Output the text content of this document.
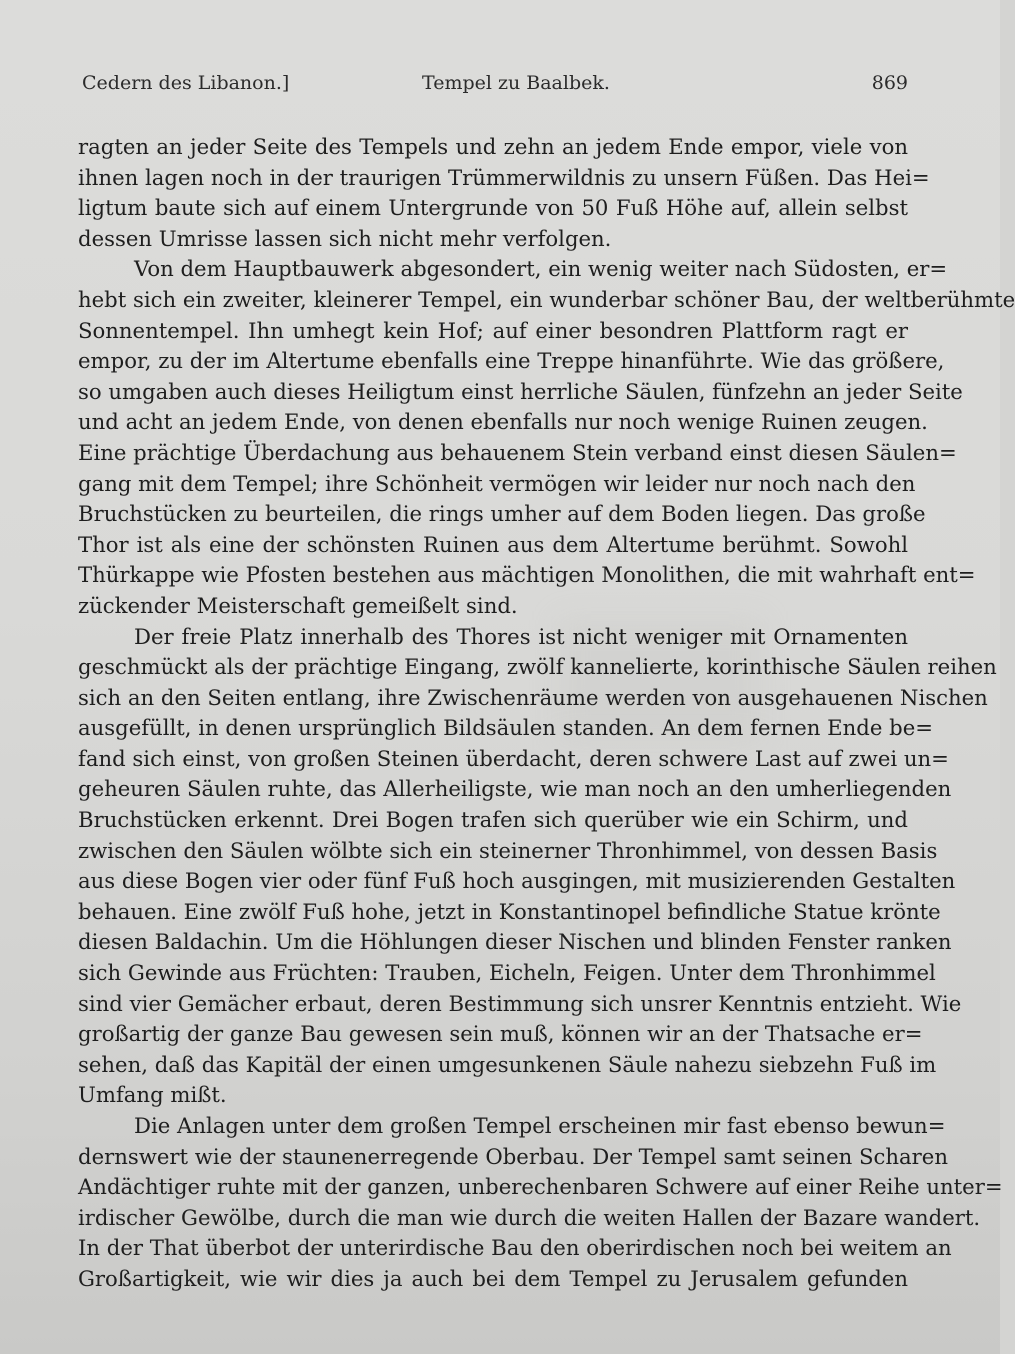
Cedern des Libanon.]	Tempel zu Baalbek.	869
ragten an jeder Seite des Tempels und zehn an jedem Ende empor, viele von
ihnen lagen noch in der traurigen Trümmerwildnis zu unsern Füßen. Das Hei=
ligtum baute sich auf einem Untergrunde von 50 Fuß Höhe auf, allein selbst
dessen Umrisse lassen sich nicht mehr verfolgen.
Von dem Hauptbauwerk abgesondert, ein wenig weiter nach Südosten, er=
hebt sich ein zweiter, kleinerer Tempel, ein wunderbar schöner Bau, der weltberühmte
Sonnentempel. Ihn umhegt kein Hof; auf einer besondren Plattform ragt er
empor, zu der im Altertume ebenfalls eine Treppe hinanführte. Wie das größere,
so umgaben auch dieses Heiligtum einst herrliche Säulen, fünfzehn an jeder Seite
und acht an jedem Ende, von denen ebenfalls nur noch wenige Ruinen zeugen.
Eine prächtige Überdachung aus behauenem Stein verband einst diesen Säulen=
gang mit dem Tempel; ihre Schönheit vermögen wir leider nur noch nach den
Bruchstücken zu beurteilen, die rings umher auf dem Boden liegen. Das große
Thor ist als eine der schönsten Ruinen aus dem Altertume berühmt. Sowohl
Thürkappe wie Pfosten bestehen aus mächtigen Monolithen, die mit wahrhaft ent=
zückender Meisterschaft gemeißelt sind.
Der freie Platz innerhalb des Thores ist nicht weniger mit Ornamenten
geschmückt als der prächtige Eingang, zwölf kannelierte, korinthische Säulen reihen
sich an den Seiten entlang, ihre Zwischenräume werden von ausgehauenen Nischen
ausgefüllt, in denen ursprünglich Bildsäulen standen. An dem fernen Ende be=
fand sich einst, von großen Steinen überdacht, deren schwere Last auf zwei un=
geheuren Säulen ruhte, das Allerheiligste, wie man noch an den umherliegenden
Bruchstücken erkennt. Drei Bogen trafen sich querüber wie ein Schirm, und
zwischen den Säulen wölbte sich ein steinerner Thronhimmel, von dessen Basis
aus diese Bogen vier oder fünf Fuß hoch ausgingen, mit musizierenden Gestalten
behauen. Eine zwölf Fuß hohe, jetzt in Konstantinopel befindliche Statue krönte
diesen Baldachin. Um die Höhlungen dieser Nischen und blinden Fenster ranken
sich Gewinde aus Früchten: Trauben, Eicheln, Feigen. Unter dem Thronhimmel
sind vier Gemächer erbaut, deren Bestimmung sich unsrer Kenntnis entzieht. Wie
großartig der ganze Bau gewesen sein muß, können wir an der Thatsache er=
sehen, daß das Kapitäl der einen umgesunkenen Säule nahezu siebzehn Fuß im
Umfang mißt.
Die Anlagen unter dem großen Tempel erscheinen mir fast ebenso bewun=
dernswert wie der staunenerregende Oberbau. Der Tempel samt seinen Scharen
Andächtiger ruhte mit der ganzen, unberechenbaren Schwere auf einer Reihe unter=
irdischer Gewölbe, durch die man wie durch die weiten Hallen der Bazare wandert.
In der That überbot der unterirdische Bau den oberirdischen noch bei weitem an
Großartigkeit, wie wir dies ja auch bei dem Tempel zu Jerusalem gefunden
